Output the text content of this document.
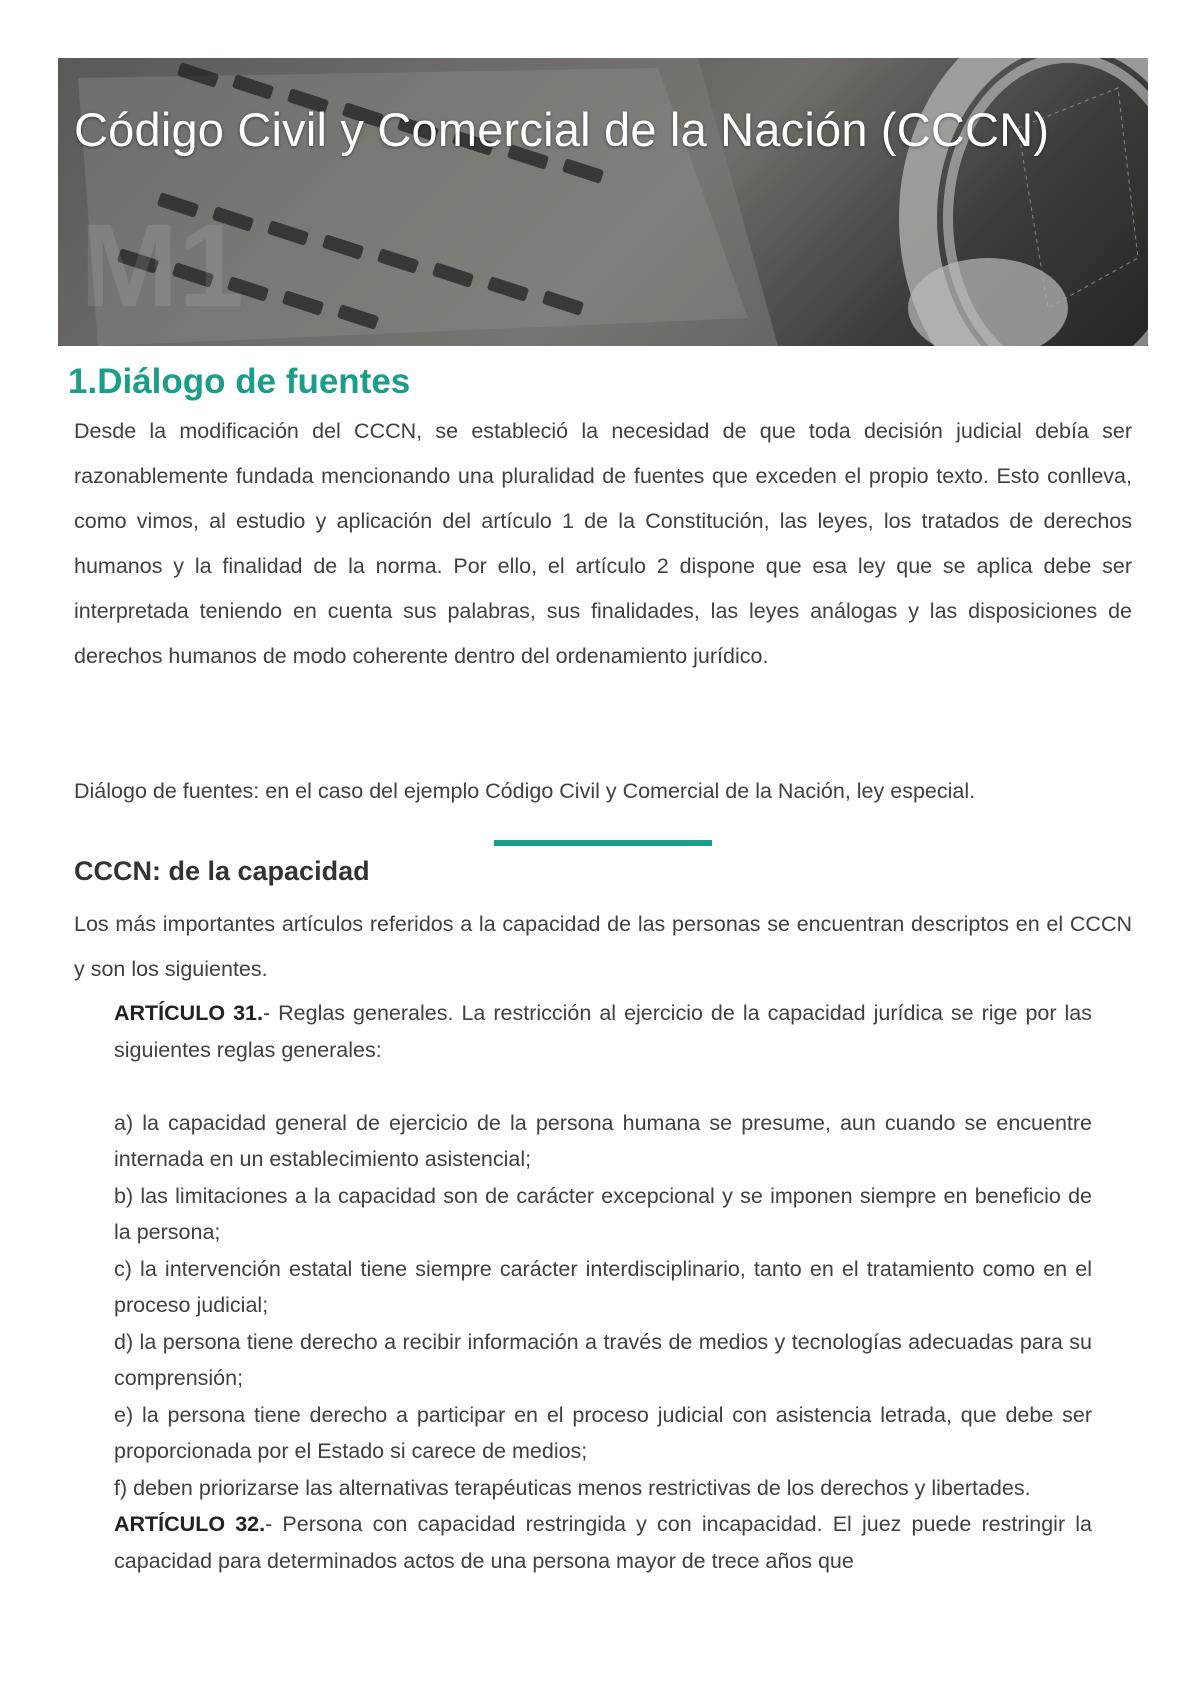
M1
Código Civil y Comercial de la Nación (CCCN)
1.Diálogo de fuentes

Desde la modificación del CCCN, se estableció la necesidad de que toda decisión judicial debía ser razonablemente fundada mencionando una pluralidad de fuentes que exceden el propio texto. Esto conlleva, como vimos, al estudio y aplicación del artículo 1 de la Constitución, las leyes, los tratados de derechos humanos y la finalidad de la norma. Por ello, el artículo 2 dispone que esa ley que se aplica debe ser interpretada teniendo en cuenta sus palabras, sus finalidades, las leyes análogas y las disposiciones de derechos humanos de modo coherente dentro del ordenamiento jurídico.

Diálogo de fuentes: en el caso del ejemplo Código Civil y Comercial de la Nación, ley especial.

CCCN: de la capacidad

Los más importantes artículos referidos a la capacidad de las personas se encuentran descriptos en el CCCN y son los siguientes.

ARTÍCULO 31.- Reglas generales. La restricción al ejercicio de la capacidad jurídica se rige por las siguientes reglas generales:

a) la capacidad general de ejercicio de la persona humana se presume, aun cuando se encuentre internada en un establecimiento asistencial;

b) las limitaciones a la capacidad son de carácter excepcional y se imponen siempre en beneficio de la persona;

c) la intervención estatal tiene siempre carácter interdisciplinario, tanto en el tratamiento como en el proceso judicial;

d) la persona tiene derecho a recibir información a través de medios y tecnologías adecuadas para su comprensión;

e) la persona tiene derecho a participar en el proceso judicial con asistencia letrada, que debe ser proporcionada por el Estado si carece de medios;

f) deben priorizarse las alternativas terapéuticas menos restrictivas de los derechos y libertades.

ARTÍCULO 32.- Persona con capacidad restringida y con incapacidad. El juez puede restringir la capacidad para determinados actos de una persona mayor de trece años que
